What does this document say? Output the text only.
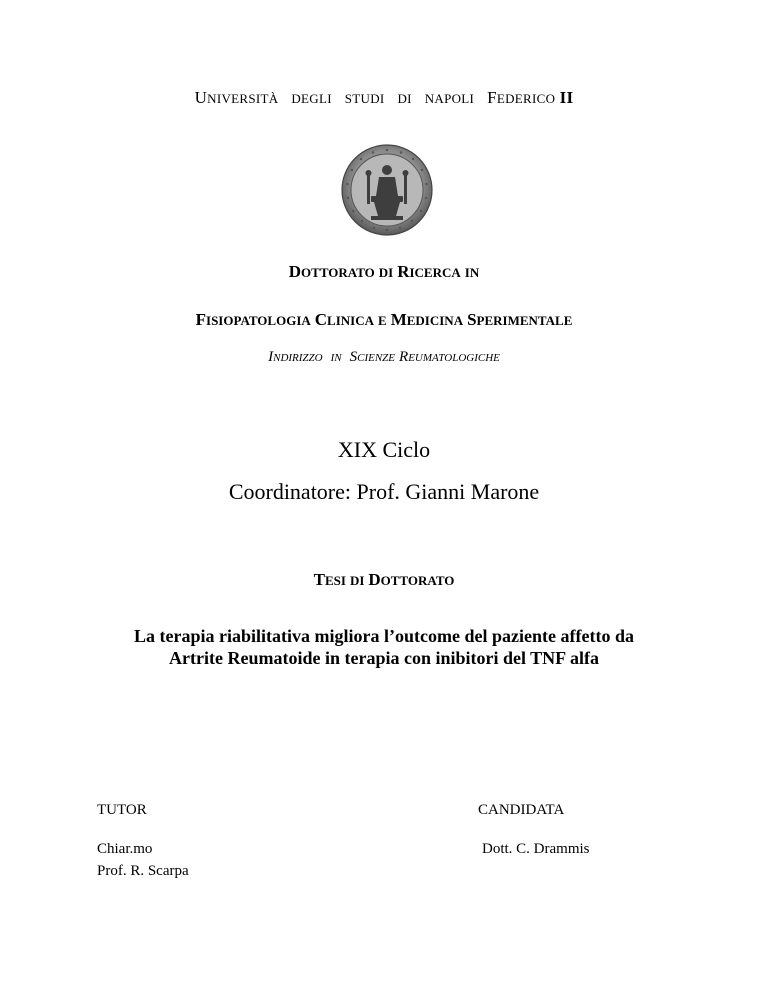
UNIVERSITÀ DEGLI STUDI DI NAPOLI FEDERICO II
DOTTORATO DI RICERCA IN
FISIOPATOLOGIA CLINICA E MEDICINA SPERIMENTALE
INDIRIZZO IN SCIENZE REUMATOLOGICHE
XIX Ciclo
Coordinatore: Prof. Gianni Marone
TESI DI DOTTORATO
La terapia riabilitativa migliora l’outcome del paziente affetto da
Artrite Reumatoide in terapia con inibitori del TNF alfa
TUTOR
Chiar.mo
Prof. R. Scarpa
CANDIDATA
Dott. C. Drammis
